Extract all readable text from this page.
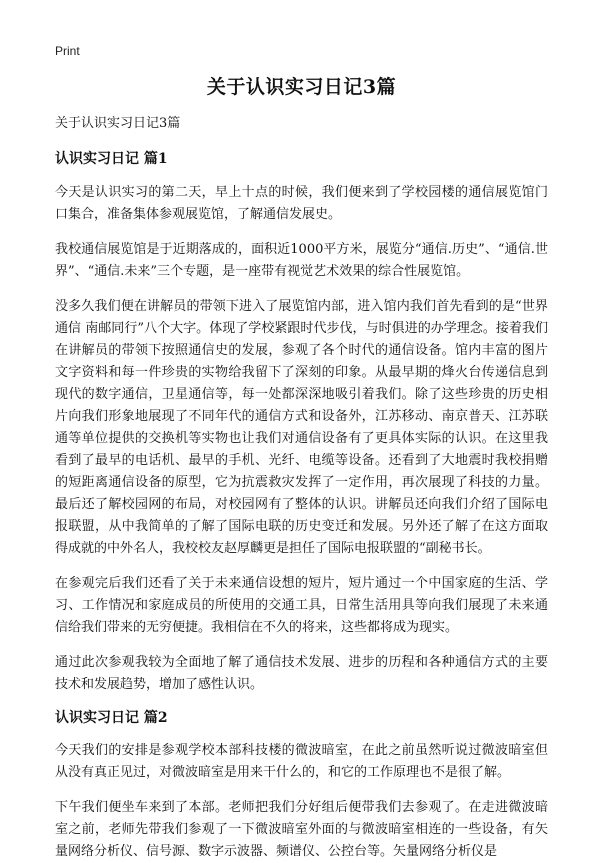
Print
关于认识实习日记3篇
关于认识实习日记3篇
认识实习日记 篇1

今天是认识实习的第二天，早上十点的时候，我们便来到了学校园楼的通信展览馆门口集合，准备集体参观展览馆，了解通信发展史。

我校通信展览馆是于近期落成的，面积近1000平方米，展览分“通信.历史”、“通信.世界”、“通信.未来”三个专题，是一座带有视觉艺术效果的综合性展览馆。

没多久我们便在讲解员的带领下进入了展览馆内部，进入馆内我们首先看到的是“世界通信 南邮同行”八个大字。体现了学校紧跟时代步伐，与时俱进的办学理念。接着我们在讲解员的带领下按照通信史的发展，参观了各个时代的通信设备。馆内丰富的图片文字资料和每一件珍贵的实物给我留下了深刻的印象。从最早期的烽火台传递信息到现代的数字通信，卫星通信等，每一处都深深地吸引着我们。除了这些珍贵的历史相片向我们形象地展现了不同年代的通信方式和设备外，江苏移动、南京普天、江苏联通等单位提供的交换机等实物也让我们对通信设备有了更具体实际的认识。在这里我看到了最早的电话机、最早的手机、光纤、电缆等设备。还看到了大地震时我校捐赠的短距离通信设备的原型，它为抗震救灾发挥了一定作用，再次展现了科技的力量。最后还了解校园网的布局，对校园网有了整体的认识。讲解员还向我们介绍了国际电报联盟，从中我简单的了解了国际电联的历史变迁和发展。另外还了解了在这方面取得成就的中外名人，我校校友赵厚麟更是担任了国际电报联盟的“副秘书长。

在参观完后我们还看了关于未来通信设想的短片，短片通过一个中国家庭的生活、学习、工作情况和家庭成员的所使用的交通工具，日常生活用具等向我们展现了未来通信给我们带来的无穷便捷。我相信在不久的将来，这些都将成为现实。

通过此次参观我较为全面地了解了通信技术发展、进步的历程和各种通信方式的主要技术和发展趋势，增加了感性认识。

认识实习日记 篇2

今天我们的安排是参观学校本部科技楼的微波暗室，在此之前虽然听说过微波暗室但从没有真正见过，对微波暗室是用来干什么的，和它的工作原理也不是很了解。

下午我们便坐车来到了本部。老师把我们分好组后便带我们去参观了。在走进微波暗室之前，老师先带我们参观了一下微波暗室外面的与微波暗室相连的一些设备，有矢量网络分析仪、信号源、数字示波器、频谱仪、公控台等。矢量网络分析仪是
